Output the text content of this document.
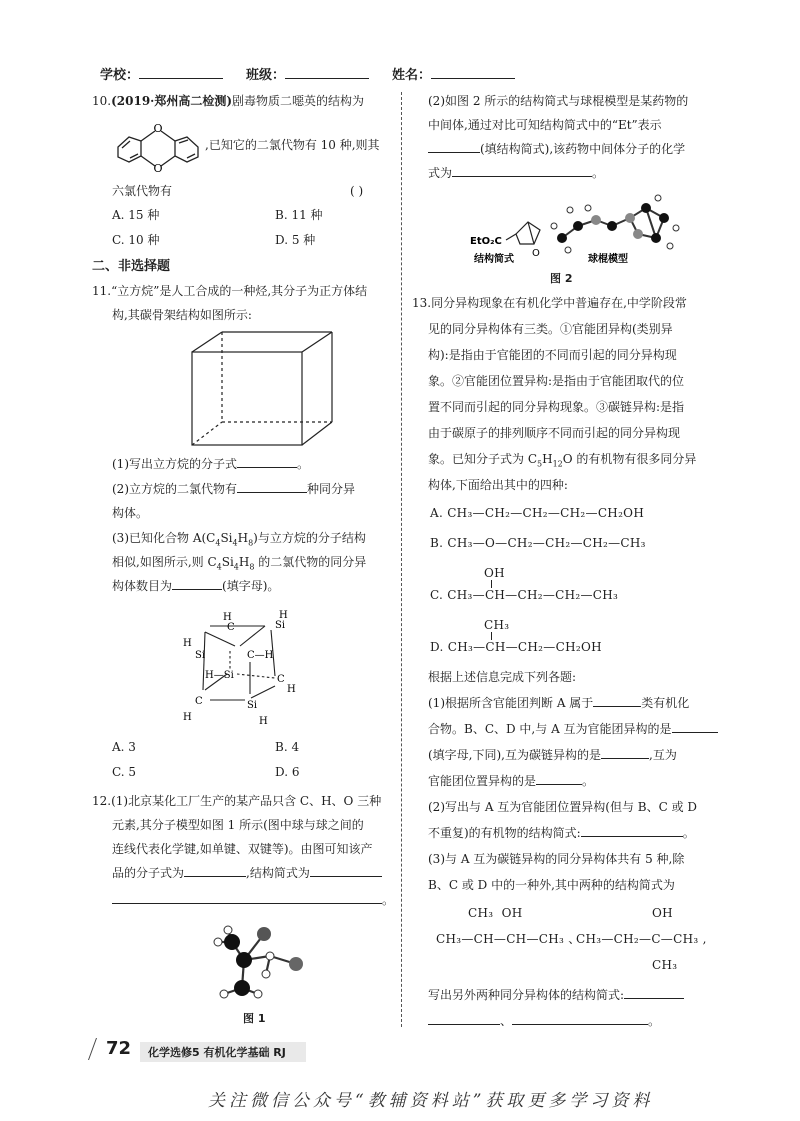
学校：	班级：	姓名：
10.(2019·郑州高二检测)剧毒物质二噁英的结构为
O
O
,已知它的二氯代物有 10 种,则其
六氯代物有	( )
A. 15 种	B. 11 种
C. 10 种	D. 5 种
二、非选择题
11.“立方烷”是人工合成的一种烃,其分子为正方体结
构,其碳骨架结构如图所示:
(1)写出立方烷的分子式	。
(2)立方烷的二氯代物有	种同分异
构体。
(3)已知化合物 $A(C_4Si_4H_8)$与立方烷的分子结构
相似,如图所示,则 $C_4Si_4H_8$ 的二氯代物的同分异
构体数目为	(填字母)。
H
C	Si
H
H
Si	C—H
H—Si	C
H
C
H
Si
H
A. 3	B. 4
C. 5	D. 6
12.(1)北京某化工厂生产的某产品只含 C、H、O 三种
元素,其分子模型如图 1 所示(图中球与球之间的
连线代表化学键,如单键、双键等)。由图可知该产
品的分子式为	,结构简式为
。
图 1
(2)如图 2 所示的结构简式与球棍模型是某药物的
中间体,通过对比可知结构简式中的“Et”表示
(填结构简式),该药物中间体分子的化学
式为	。
EtO₂C
O
结构简式	球棍模型
图 2
13.同分异构现象在有机化学中普遍存在,中学阶段常
见的同分异构体有三类。①官能团异构(类别异
构):是指由于官能团的不同而引起的同分异构现
象。②官能团位置异构:是指由于官能团取代的位
置不同而引起的同分异构现象。③碳链异构:是指
由于碳原子的排列顺序不同而引起的同分异构现
象。已知分子式为 $C_5H_{12}O$ 的有机物有很多同分异
构体,下面给出其中的四种:
A. CH₃—CH₂—CH₂—CH₂—CH₂OH
B. CH₃—O—CH₂—CH₂—CH₂—CH₃
OH
C. CH₃—CH—CH₂—CH₂—CH₃
CH₃
D. CH₃—CH—CH₂—CH₂OH
根据上述信息完成下列各题:
(1)根据所含官能团判断 A 属于	类有机化
合物。B、C、D 中,与 A 互为官能团异构的是
(填字母,下同),互为碳链异构的是	,互为
官能团位置异构的是	。
(2)写出与 A 互为官能团位置异构(但与 B、C 或 D
不重复)的有机物的结构简式:	。
(3)与 A 互为碳链异构的同分异构体共有 5 种,除
B、C 或 D 中的一种外,其中两种的结构简式为
CH₃  OH
CH₃—CH—CH—CH₃ 、
OH
CH₃—CH₂—C—CH₃ ,
CH₃
写出另外两种同分异构体的结构简式:
、	。
72	化学选修5 有机化学基础 RJ
关注微信公众号“教辅资料站”获取更多学习资料
